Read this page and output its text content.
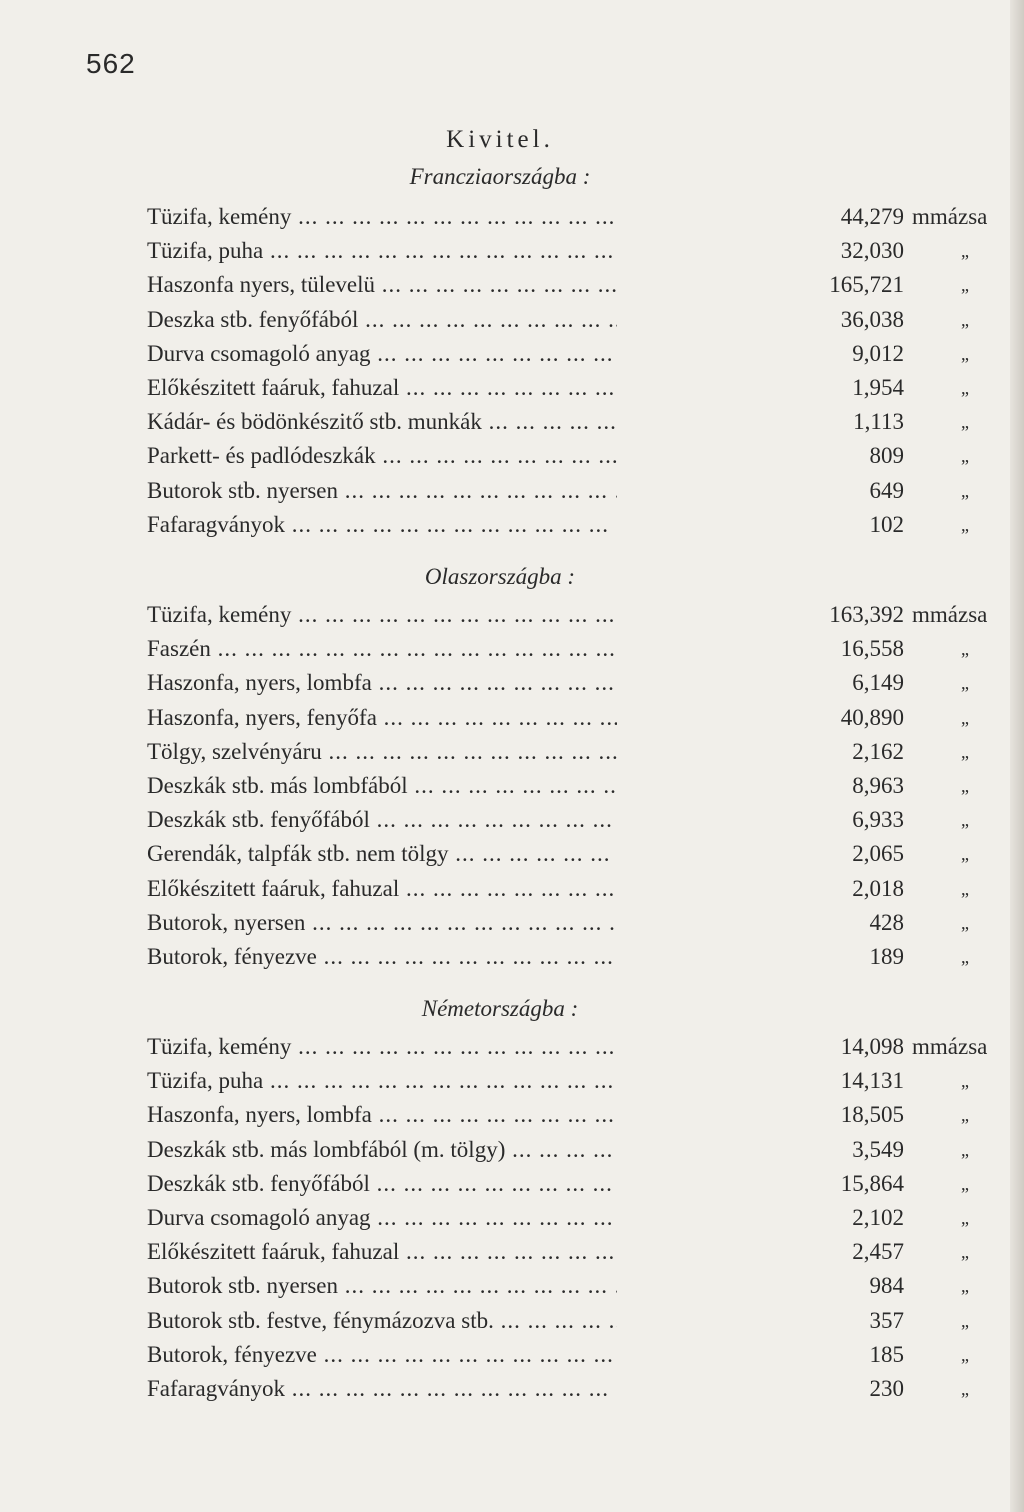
562
Kivitel.
Francziaországba :
Tüzifa, kemény ... .	44,279 mmázsa
Tüzifa, puha ... .	32,030	„
Haszonfa nyers, tülevelü ... .	165,721	„
Deszka stb. fenyőfából ... .	36,038	„
Durva csomagoló anyag ... .	9,012	„
Előkészitett faáruk, fahuzal ... .	1,954	„
Kádár- és bödönkészitő stb. munkák ... .	1,113	„
Parkett- és padlódeszkák ... .	809	„
Butorok stb. nyersen ... .	649	„
Fafaragványok ... .	102	„
Olaszországba :
Tüzifa, kemény ... .	163,392 mmázsa
Faszén ... .	16,558	„
Haszonfa, nyers, lombfa ... .	6,149	„
Haszonfa, nyers, fenyőfa ... .	40,890	„
Tölgy, szelvényáru ... .	2,162	„
Deszkák stb. más lombfából ... .	8,963	„
Deszkák stb. fenyőfából ... .	6,933	„
Gerendák, talpfák stb. nem tölgy ... .	2,065	„
Előkészitett faáruk, fahuzal ... .	2,018	„
Butorok, nyersen ... .	428	„
Butorok, fényezve ... .	189	„
Németországba :
Tüzifa, kemény ... .	14,098 mmázsa
Tüzifa, puha ... .	14,131	„
Haszonfa, nyers, lombfa ... .	18,505	„
Deszkák stb. más lombfából (m. tölgy) ... .	3,549	„
Deszkák stb. fenyőfából ... .	15,864	„
Durva csomagoló anyag ... .	2,102	„
Előkészitett faáruk, fahuzal ... .	2,457	„
Butorok stb. nyersen ... .	984	„
Butorok stb. festve, fénymázozva stb. ... .	357	„
Butorok, fényezve ... .	185	„
Fafaragványok ... .	230	„
